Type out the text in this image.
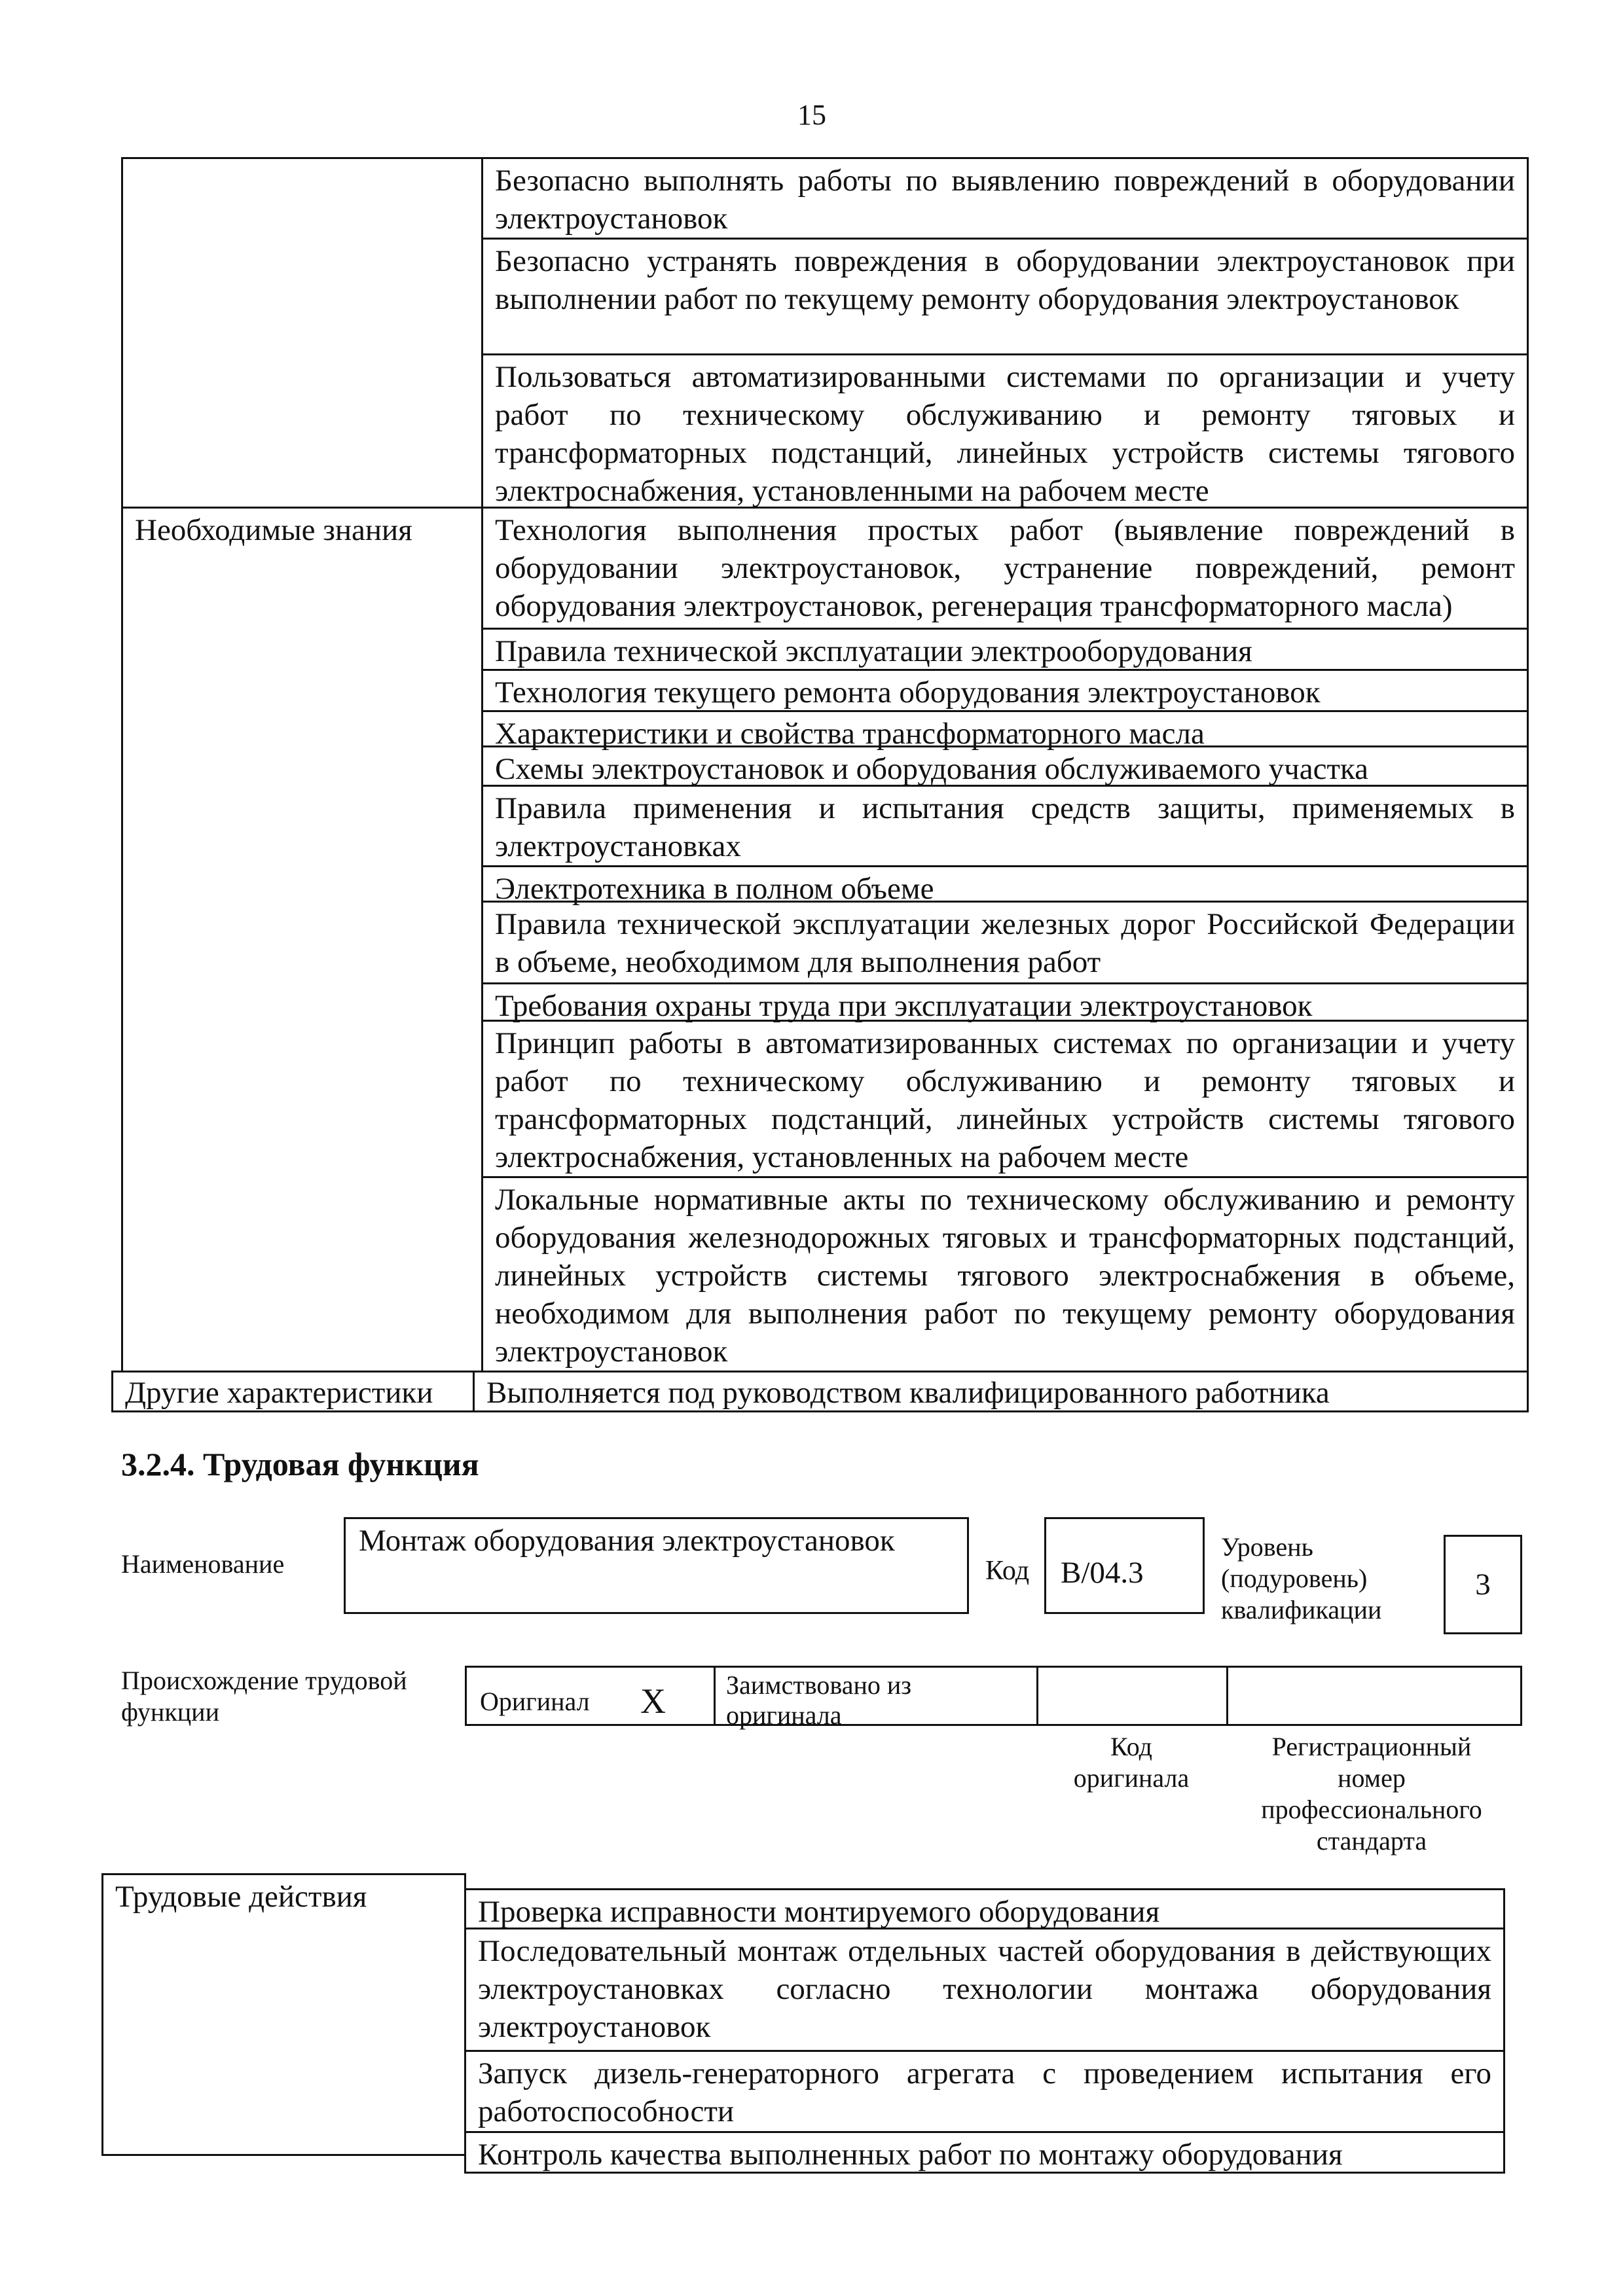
15
Необходимые знания
Другие характеристики
Безопасно выполнять работы по выявлению повреждений в оборудовании электроустановок
Безопасно устранять повреждения в оборудовании электроустановок при выполнении работ по текущему ремонту оборудования электроустановок
Пользоваться автоматизированными системами по организации и учету работ по техническому обслуживанию и ремонту тяговых и трансформаторных подстанций, линейных устройств системы тягового электроснабжения, установленными на рабочем месте
Технология выполнения простых работ (выявление повреждений в оборудовании электроустановок, устранение повреждений, ремонт оборудования электроустановок, регенерация трансформаторного масла)
Правила технической эксплуатации электрооборудования
Технология текущего ремонта оборудования электроустановок
Характеристики и свойства трансформаторного масла
Схемы электроустановок и оборудования обслуживаемого участка
Правила применения и испытания средств защиты, применяемых в электроустановках
Электротехника в полном объеме
Правила технической эксплуатации железных дорог Российской Федерации в объеме, необходимом для выполнения работ
Требования охраны труда при эксплуатации электроустановок
Принцип работы в автоматизированных системах по организации и учету работ по техническому обслуживанию и ремонту тяговых и трансформаторных подстанций, линейных устройств системы тягового электроснабжения, установленных на рабочем месте
Локальные нормативные акты по техническому обслуживанию и ремонту оборудования железнодорожных тяговых и трансформаторных подстанций, линейных устройств системы тягового электроснабжения в объеме, необходимом для выполнения работ по текущему ремонту оборудования электроустановок
Выполняется под руководством квалифицированного работника
3.2.4. Трудовая функция
Наименование
Монтаж оборудования электроустановок
Код B/04.3
Уровень
(подуровень)
квалификации
3
Происхождение трудовой
функции	Оригинал X Заимствовано из
оригинала
Код
оригинала
Регистрационный
номер
профессионального
стандарта
Трудовые действия	Проверка исправности монтируемого оборудования
Последовательный монтаж отдельных частей оборудования в действующих электроустановках согласно технологии монтажа оборудования электроустановок
Запуск дизель-генераторного агрегата с проведением испытания его работоспособности
Контроль качества выполненных работ по монтажу оборудования
